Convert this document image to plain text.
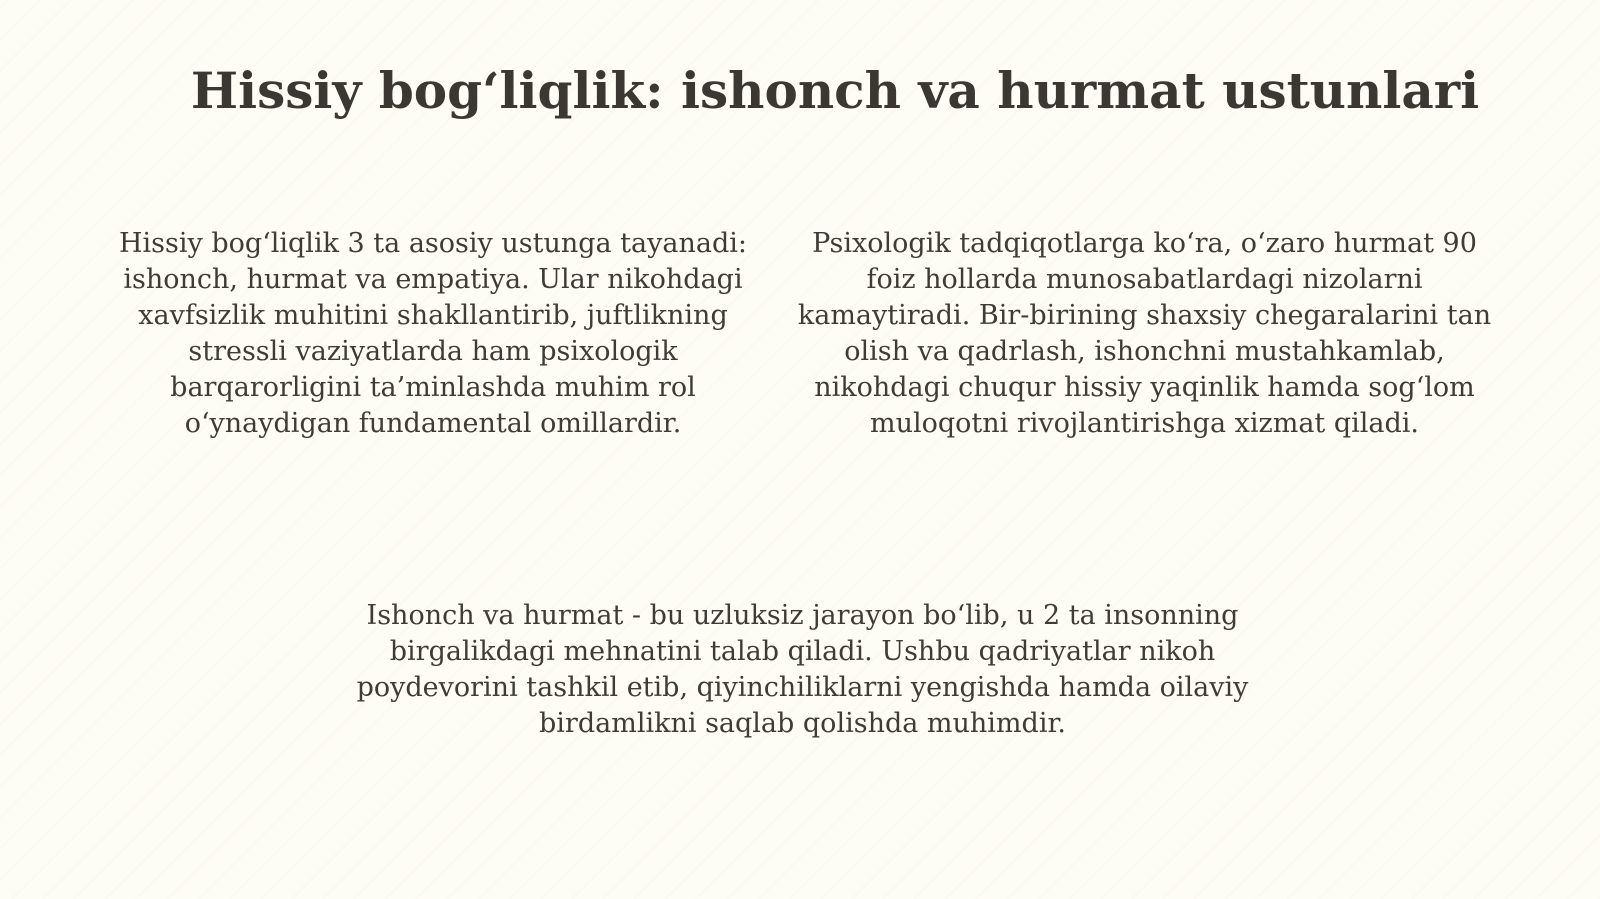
Hissiy bog‘liqlik: ishonch va hurmat ustunlari

Hissiy bog‘liqlik 3 ta asosiy ustunga tayanadi: ishonch, hurmat va empatiya. Ular nikohdagi xavfsizlik muhitini shakllantirib, juftlikning stressli vaziyatlarda ham psixologik barqarorligini ta’minlashda muhim rol o‘ynaydigan fundamental omillardir.

Psixologik tadqiqotlarga ko‘ra, o‘zaro hurmat 90 foiz hollarda munosabatlardagi nizolarni kamaytiradi. Bir-birining shaxsiy chegaralarini tan olish va qadrlash, ishonchni mustahkamlab, nikohdagi chuqur hissiy yaqinlik hamda sog‘lom muloqotni rivojlantirishga xizmat qiladi.

Ishonch va hurmat - bu uzluksiz jarayon bo‘lib, u 2 ta insonning birgalikdagi mehnatini talab qiladi. Ushbu qadriyatlar nikoh poydevorini tashkil etib, qiyinchiliklarni yengishda hamda oilaviy birdamlikni saqlab qolishda muhimdir.
